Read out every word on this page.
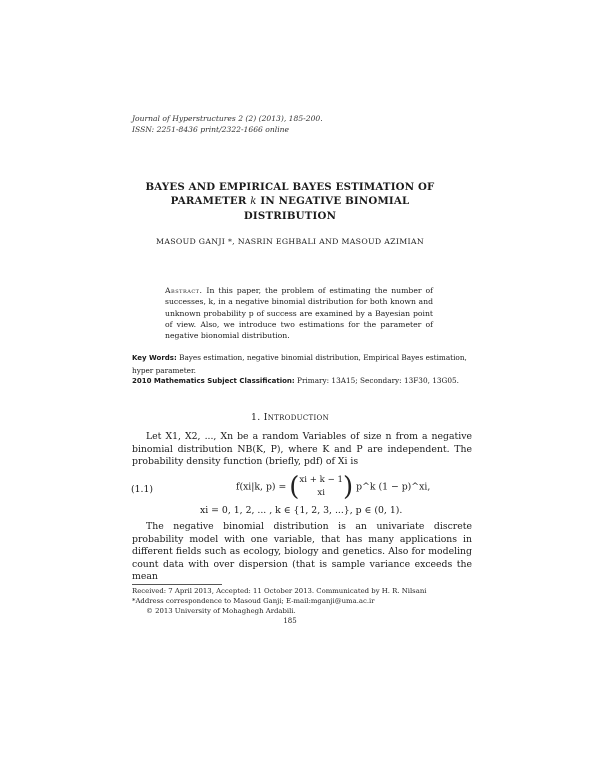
Journal of Hyperstructures 2 (2) (2013), 185-200.
ISSN: 2251-8436 print/2322-1666 online
BAYES AND EMPIRICAL BAYES ESTIMATION OF
PARAMETER k IN NEGATIVE BINOMIAL
DISTRIBUTION
MASOUD GANJI *, NASRIN EGHBALI AND MASOUD AZIMIAN
Abstract. In this paper, the problem of estimating the number of successes, k, in a negative binomial distribution for both known and unknown probability p of success are examined by a Bayesian point of view. Also, we introduce two estimations for the parameter of negative bionomial distribution.
Key Words: Bayes estimation, negative binomial distribution, Empirical Bayes estimation, hyper parameter.
2010 Mathematics Subject Classification: Primary: 13A15; Secondary: 13F30, 13G05.
1. Introduction
Let X1, X2, ..., Xn be a random Variables of size n from a negative binomial distribution NB(K, P), where K and P are independent. The probability density function (briefly, pdf) of Xi is
(1.1)	f(xi|k, p) = (xi + k − 1
xi ) p^k (1 − p)^xi,
xi = 0, 1, 2, ... , k ∈ {1, 2, 3, ...}, p ∈ (0, 1).
The negative binomial distribution is an univariate discrete probability model with one variable, that has many applications in different fields such as ecology, biology and genetics. Also for modeling count data with over dispersion (that is sample variance exceeds the mean
Received: 7 April 2013, Accepted: 11 October 2013. Communicated by H. R. Nilsani
*Address correspondence to Masoud Ganji; E-mail:mganji@uma.ac.ir
© 2013 University of Mohaghegh Ardabili.
185
